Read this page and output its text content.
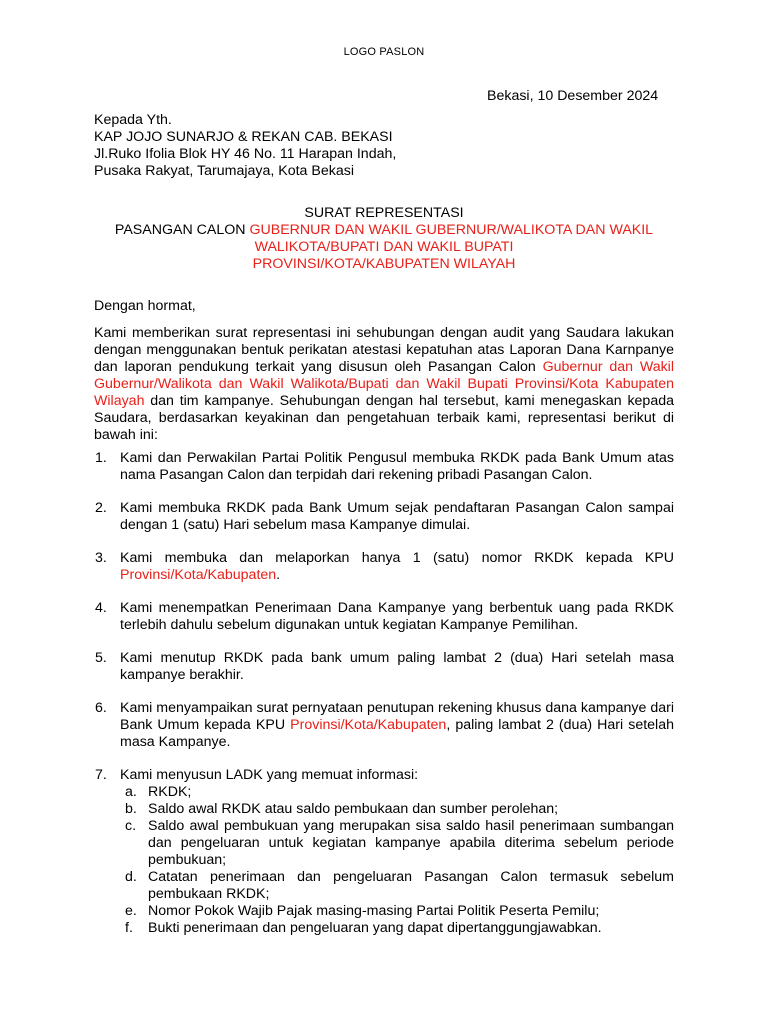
LOGO PASLON
Bekasi, 10 Desember 2024
Kepada Yth.
KAP JOJO SUNARJO & REKAN CAB. BEKASI
Jl.Ruko Ifolia Blok HY 46 No. 11 Harapan Indah,
Pusaka Rakyat, Tarumajaya, Kota Bekasi
SURAT REPRESENTASI
PASANGAN CALON GUBERNUR DAN WAKIL GUBERNUR/WALIKOTA DAN WAKIL WALIKOTA/BUPATI DAN WAKIL BUPATI
PROVINSI/KOTA/KABUPATEN WILAYAH
Dengan hormat,
Kami memberikan surat representasi ini sehubungan dengan audit yang Saudara lakukan dengan menggunakan bentuk perikatan atestasi kepatuhan atas Laporan Dana Karnpanye dan laporan pendukung terkait yang disusun oleh Pasangan Calon Gubernur dan Wakil Gubernur/Walikota dan Wakil Walikota/Bupati dan Wakil Bupati Provinsi/Kota Kabupaten Wilayah dan tim kampanye. Sehubungan dengan hal tersebut, kami menegaskan kepada Saudara, berdasarkan keyakinan dan pengetahuan terbaik kami, representasi berikut di bawah ini:
1. Kami dan Perwakilan Partai Politik Pengusul membuka RKDK pada Bank Umum atas nama Pasangan Calon dan terpidah dari rekening pribadi Pasangan Calon.
2. Kami membuka RKDK pada Bank Umum sejak pendaftaran Pasangan Calon sampai dengan 1 (satu) Hari sebelum masa Kampanye dimulai.
3. Kami membuka dan melaporkan hanya 1 (satu) nomor RKDK kepada KPU Provinsi/Kota/Kabupaten.
4. Kami menempatkan Penerimaan Dana Kampanye yang berbentuk uang pada RKDK terlebih dahulu sebelum digunakan untuk kegiatan Kampanye Pemilihan.
5. Kami menutup RKDK pada bank umum paling lambat 2 (dua) Hari setelah masa kampanye berakhir.
6. Kami menyampaikan surat pernyataan penutupan rekening khusus dana kampanye dari Bank Umum kepada KPU Provinsi/Kota/Kabupaten, paling lambat 2 (dua) Hari setelah masa Kampanye.
7. Kami menyusun LADK yang memuat informasi:
a. RKDK;
b. Saldo awal RKDK atau saldo pembukaan dan sumber perolehan;
c. Saldo awal pembukuan yang merupakan sisa saldo hasil penerimaan sumbangan dan pengeluaran untuk kegiatan kampanye apabila diterima sebelum periode pembukuan;
d. Catatan penerimaan dan pengeluaran Pasangan Calon termasuk sebelum pembukaan RKDK;
e. Nomor Pokok Wajib Pajak masing-masing Partai Politik Peserta Pemilu;
f. Bukti penerimaan dan pengeluaran yang dapat dipertanggungjawabkan.
